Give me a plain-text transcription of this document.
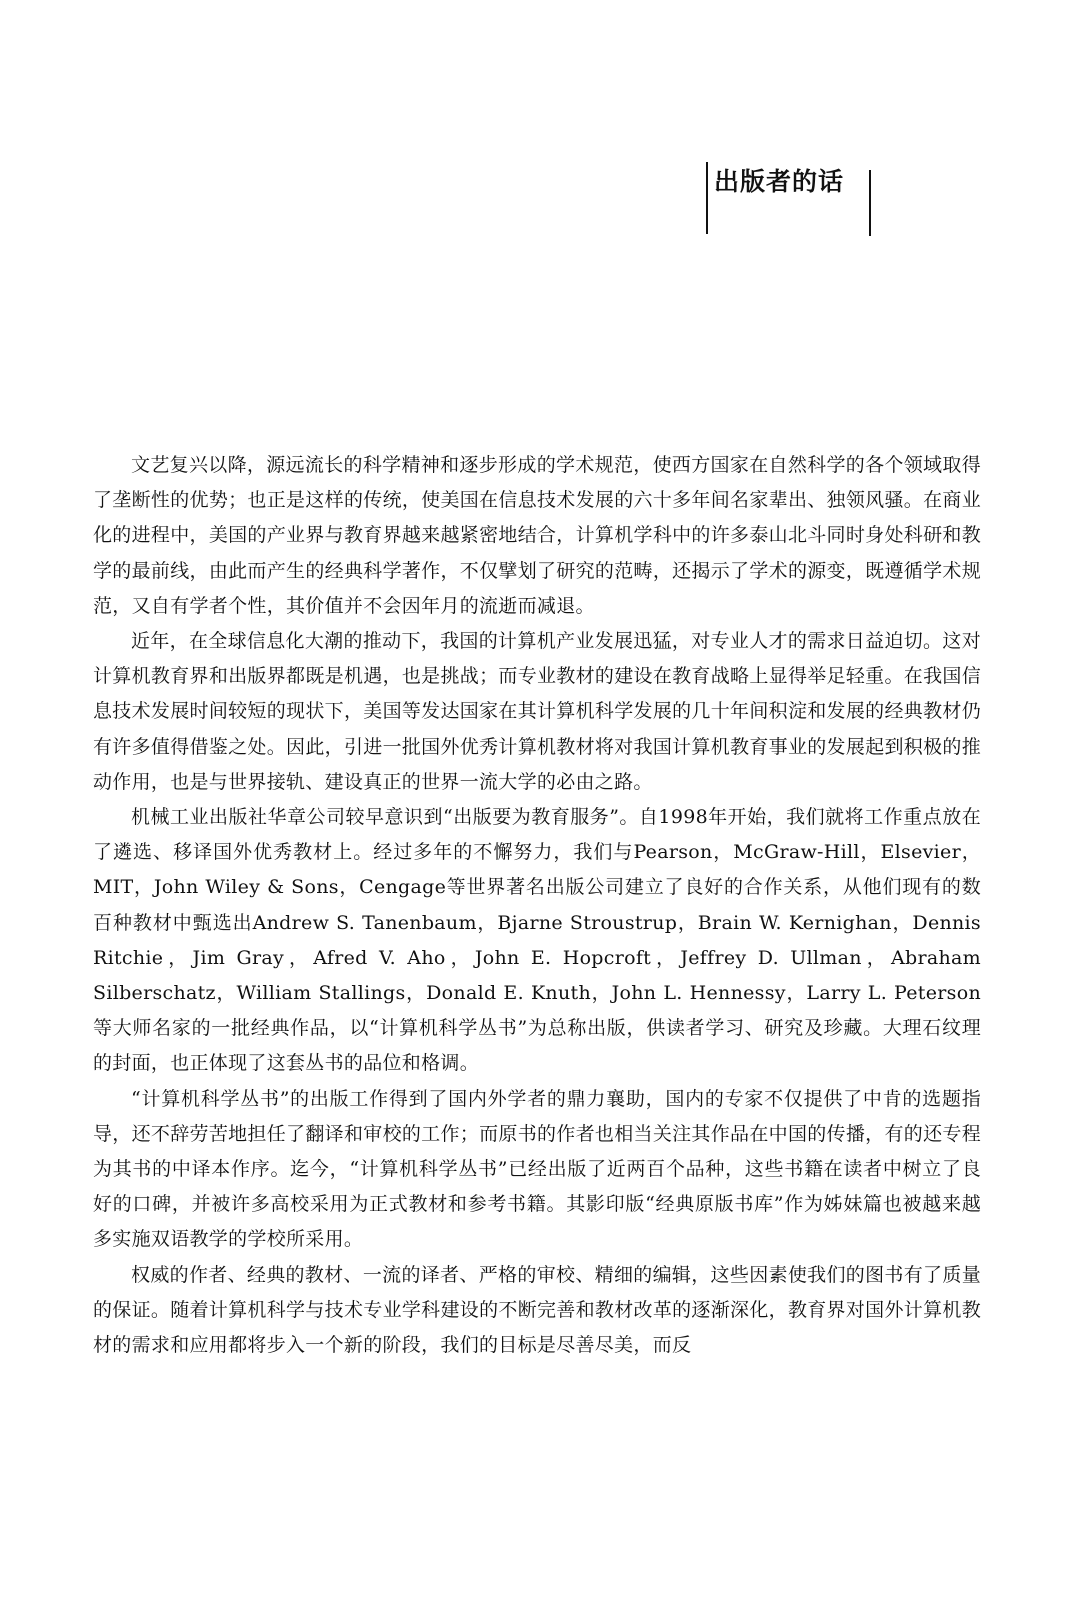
出版者的话

文艺复兴以降，源远流长的科学精神和逐步形成的学术规范，使西方国家在自然科学的各个领域取得了垄断性的优势；也正是这样的传统，使美国在信息技术发展的六十多年间名家辈出、独领风骚。在商业化的进程中，美国的产业界与教育界越来越紧密地结合，计算机学科中的许多泰山北斗同时身处科研和教学的最前线，由此而产生的经典科学著作，不仅擘划了研究的范畴，还揭示了学术的源变，既遵循学术规范，又自有学者个性，其价值并不会因年月的流逝而减退。

近年，在全球信息化大潮的推动下，我国的计算机产业发展迅猛，对专业人才的需求日益迫切。这对计算机教育界和出版界都既是机遇，也是挑战；而专业教材的建设在教育战略上显得举足轻重。在我国信息技术发展时间较短的现状下，美国等发达国家在其计算机科学发展的几十年间积淀和发展的经典教材仍有许多值得借鉴之处。因此，引进一批国外优秀计算机教材将对我国计算机教育事业的发展起到积极的推动作用，也是与世界接轨、建设真正的世界一流大学的必由之路。

机械工业出版社华章公司较早意识到“出版要为教育服务”。自1998年开始，我们就将工作重点放在了遴选、移译国外优秀教材上。经过多年的不懈努力，我们与Pearson，McGraw-Hill，Elsevier，MIT，John Wiley & Sons，Cengage等世界著名出版公司建立了良好的合作关系，从他们现有的数百种教材中甄选出Andrew S. Tanenbaum，Bjarne Stroustrup，Brain W. Kernighan，Dennis Ritchie，Jim Gray，Afred V. Aho，John E. Hopcroft，Jeffrey D. Ullman，Abraham Silberschatz，William Stallings，Donald E. Knuth，John L. Hennessy，Larry L. Peterson等大师名家的一批经典作品，以“计算机科学丛书”为总称出版，供读者学习、研究及珍藏。大理石纹理的封面，也正体现了这套丛书的品位和格调。

“计算机科学丛书”的出版工作得到了国内外学者的鼎力襄助，国内的专家不仅提供了中肯的选题指导，还不辞劳苦地担任了翻译和审校的工作；而原书的作者也相当关注其作品在中国的传播，有的还专程为其书的中译本作序。迄今，“计算机科学丛书”已经出版了近两百个品种，这些书籍在读者中树立了良好的口碑，并被许多高校采用为正式教材和参考书籍。其影印版“经典原版书库”作为姊妹篇也被越来越多实施双语教学的学校所采用。

权威的作者、经典的教材、一流的译者、严格的审校、精细的编辑，这些因素使我们的图书有了质量的保证。随着计算机科学与技术专业学科建设的不断完善和教材改革的逐渐深化，教育界对国外计算机教材的需求和应用都将步入一个新的阶段，我们的目标是尽善尽美，而反
